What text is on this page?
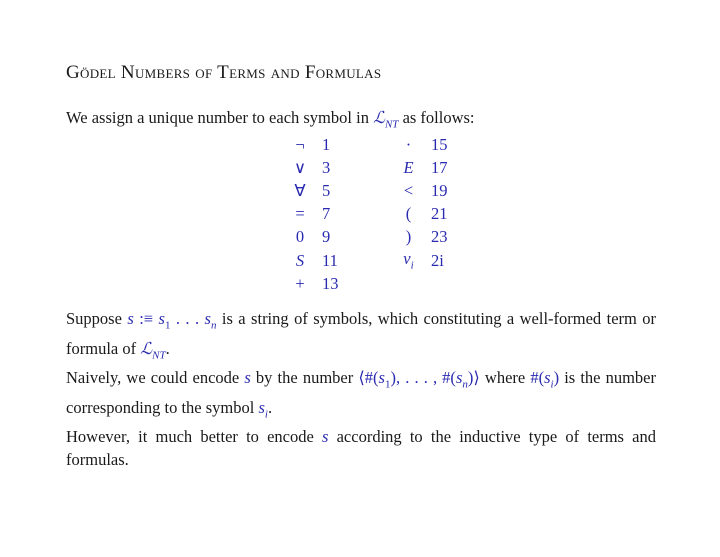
Gödel Numbers of Terms and Formulas
We assign a unique number to each symbol in ℒ$_{NT}$ as follows:
¬	1		·	15
∨	3		E	17
∀	5		<	19
=	7		(	21
0	9		)	23
S	11		$v_i$	2i
+	13			
Suppose s :≡ $s_1$ . . . $s_n$ is a string of symbols, which constituting a well-formed term or formula of ℒ$_{NT}$.
Naively, we could encode s by the number $⟨\#(s_1)$, . . . , $\#(s_n)⟩$ where $\#(s_i)$ is the number corresponding to the symbol $s_i$.
However, it much better to encode s according to the inductive type of terms and formulas.
